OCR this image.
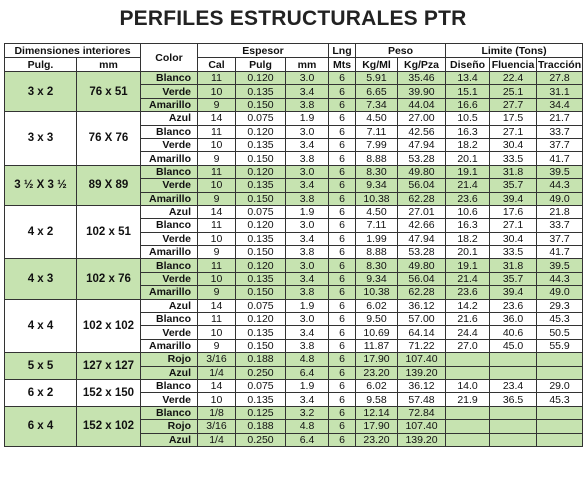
PERFILES ESTRUCTURALES PTR
Dimensiones interiores		Color	Espesor			Lng	Peso		Limite (Tons)		
Pulg.	mm		Cal	Pulg	mm	Mts	Kg/Ml	Kg/Pza	Diseño	Fluencia	Tracción
3 x 2	76 x 51	Blanco	11	0.120	3.0	6	5.91	35.46	13.4	22.4	27.8
		Verde	10	0.135	3.4	6	6.65	39.90	15.1	25.1	31.1
		Amarillo	9	0.150	3.8	6	7.34	44.04	16.6	27.7	34.4
3 x 3	76 X 76	Azul	14	0.075	1.9	6	4.50	27.00	10.5	17.5	21.7
		Blanco	11	0.120	3.0	6	7.11	42.56	16.3	27.1	33.7
		Verde	10	0.135	3.4	6	7.99	47.94	18.2	30.4	37.7
		Amarillo	9	0.150	3.8	6	8.88	53.28	20.1	33.5	41.7
3 ½ X 3 ½	89 X 89	Blanco	11	0.120	3.0	6	8.30	49.80	19.1	31.8	39.5
		Verde	10	0.135	3.4	6	9.34	56.04	21.4	35.7	44.3
		Amarillo	9	0.150	3.8	6	10.38	62.28	23.6	39.4	49.0
4 x 2	102 x 51	Azul	14	0.075	1.9	6	4.50	27.01	10.6	17.6	21.8
		Blanco	11	0.120	3.0	6	7.11	42.66	16.3	27.1	33.7
		Verde	10	0.135	3.4	6	1.99	47.94	18.2	30.4	37.7
		Amarillo	9	0.150	3.8	6	8.88	53.28	20.1	33.5	41.7
4 x 3	102 x 76	Blanco	11	0.120	3.0	6	8.30	49.80	19.1	31.8	39.5
		Verde	10	0.135	3.4	6	9.34	56.04	21.4	35.7	44.3
		Amarillo	9	0.150	3.8	6	10.38	62.28	23.6	39.4	49.0
4 x 4	102 x 102	Azul	14	0.075	1.9	6	6.02	36.12	14.2	23.6	29.3
		Blanco	11	0.120	3.0	6	9.50	57.00	21.6	36.0	45.3
		Verde	10	0.135	3.4	6	10.69	64.14	24.4	40.6	50.5
		Amarillo	9	0.150	3.8	6	11.87	71.22	27.0	45.0	55.9
5 x 5	127 x 127	Rojo	3/16	0.188	4.8	6	17.90	107.40			
		Azul	1/4	0.250	6.4	6	23.20	139.20			
6 x 2	152 x 150	Blanco	14	0.075	1.9	6	6.02	36.12	14.0	23.4	29.0
		Verde	10	0.135	3.4	6	9.58	57.48	21.9	36.5	45.3
6 x 4	152 x 102	Blanco	1/8	0.125	3.2	6	12.14	72.84			
		Rojo	3/16	0.188	4.8	6	17.90	107.40			
		Azul	1/4	0.250	6.4	6	23.20	139.20			
